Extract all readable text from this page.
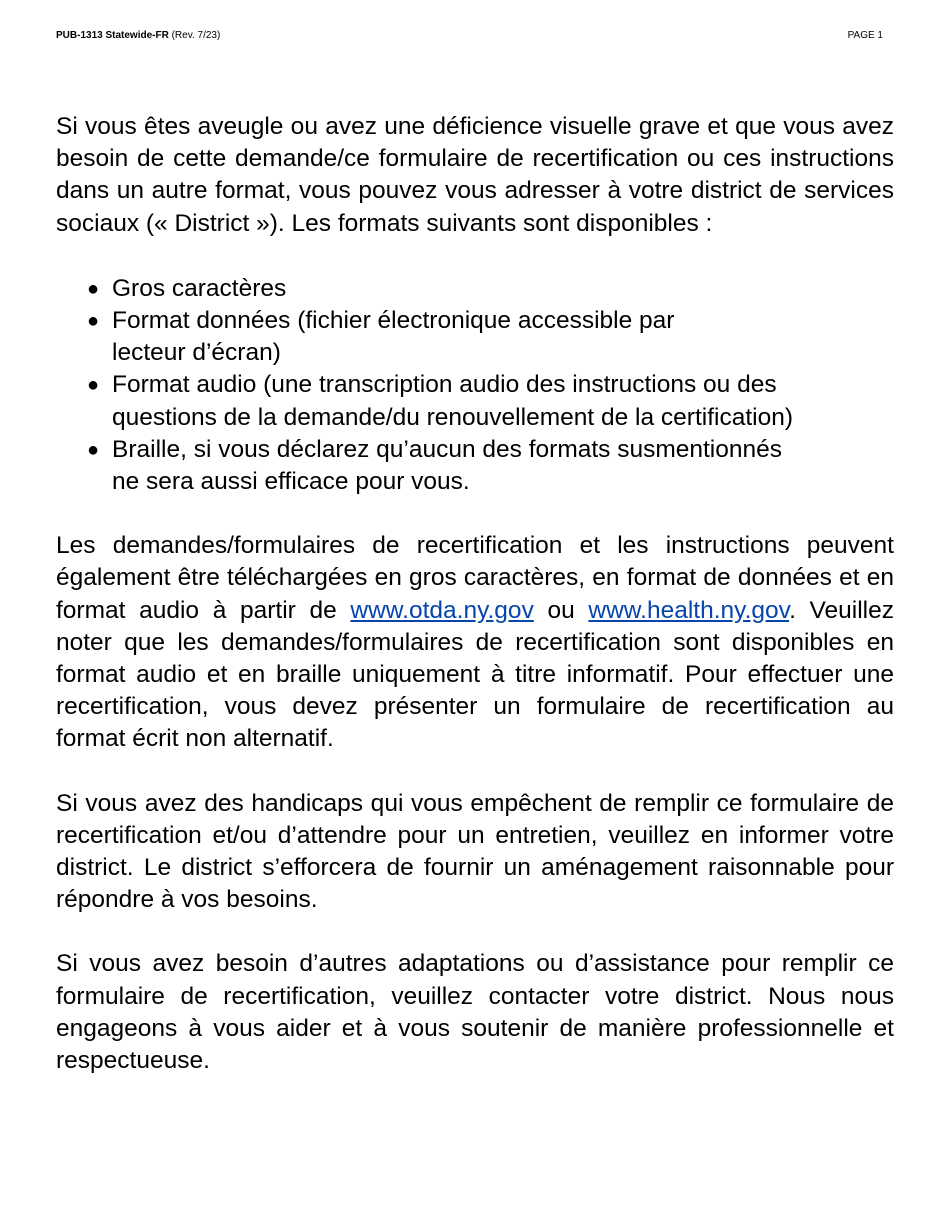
PUB-1313 Statewide-FR (Rev. 7/23)	PAGE 1

Si vous êtes aveugle ou avez une déficience visuelle grave et que vous avez besoin de cette demande/ce formulaire de recertification ou ces instructions dans un autre format, vous pouvez vous adresser à votre district de services sociaux (« District »). Les formats suivants sont disponibles :

● Gros caractères
● Format données (fichier électronique accessible par
lecteur d’écran)
● Format audio (une transcription audio des instructions ou des
questions de la demande/du renouvellement de la certification)
● Braille, si vous déclarez qu’aucun des formats susmentionnés
ne sera aussi efficace pour vous.

Les demandes/formulaires de recertification et les instructions peuvent également être téléchargées en gros caractères, en format de données et en format audio à partir de www.otda.ny.gov ou www.health.ny.gov. Veuillez noter que les demandes/formulaires de recertification sont disponibles en format audio et en braille uniquement à titre informatif. Pour effectuer une recertification, vous devez présenter un formulaire de recertification au format écrit non alternatif.

Si vous avez des handicaps qui vous empêchent de remplir ce formulaire de recertification et/ou d’attendre pour un entretien, veuillez en informer votre district. Le district s’efforcera de fournir un aménagement raisonnable pour répondre à vos besoins.

Si vous avez besoin d’autres adaptations ou d’assistance pour remplir ce formulaire de recertification, veuillez contacter votre district. Nous nous engageons à vous aider et à vous soutenir de manière professionnelle et respectueuse.
